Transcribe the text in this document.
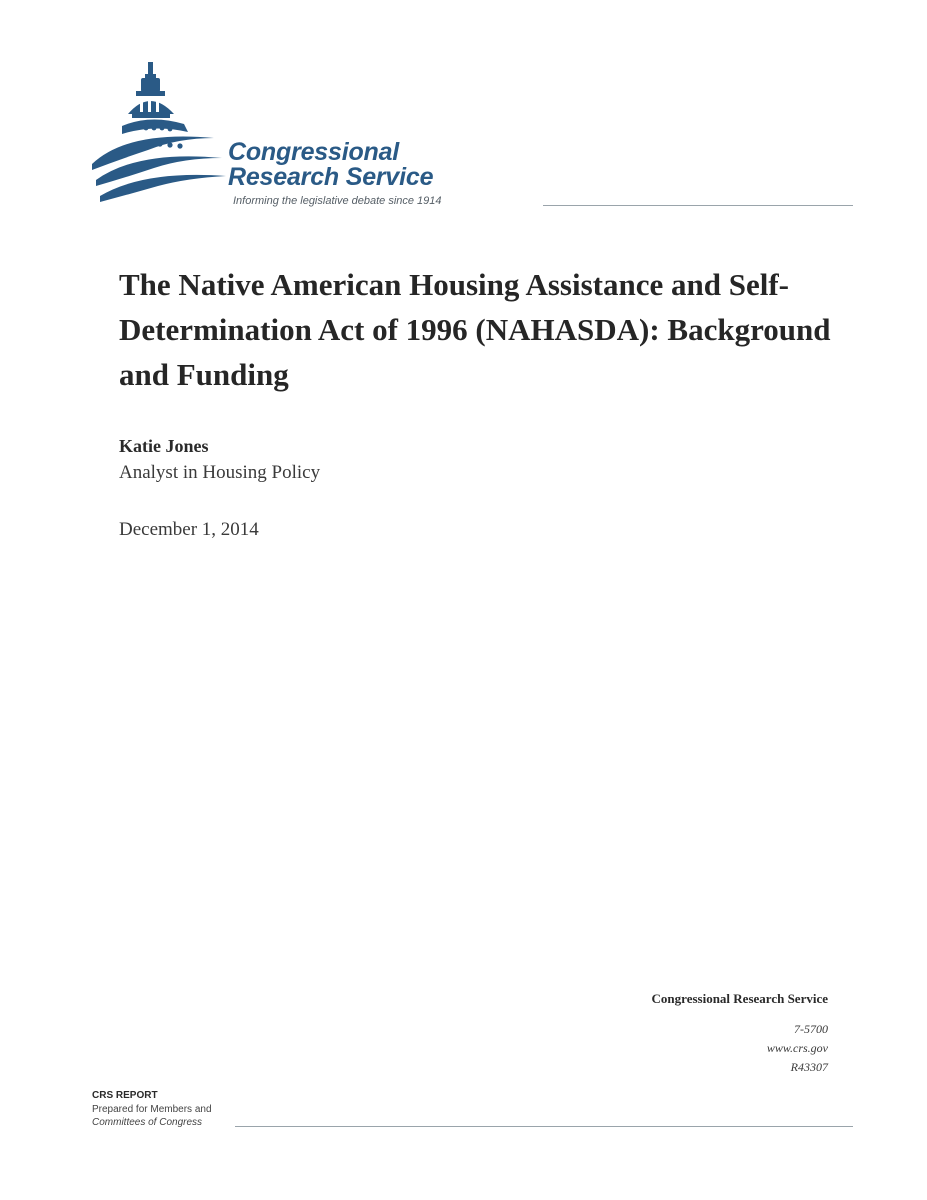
Congressional
Research Service
Informing the legislative debate since 1914
The Native American Housing Assistance and Self-Determination Act of 1996 (NAHASDA): Background and Funding
Katie Jones
Analyst in Housing Policy
December 1, 2014
Congressional Research Service
7-5700
www.crs.gov
R43307
CRS REPORT
Prepared for Members and
Committees of Congress
